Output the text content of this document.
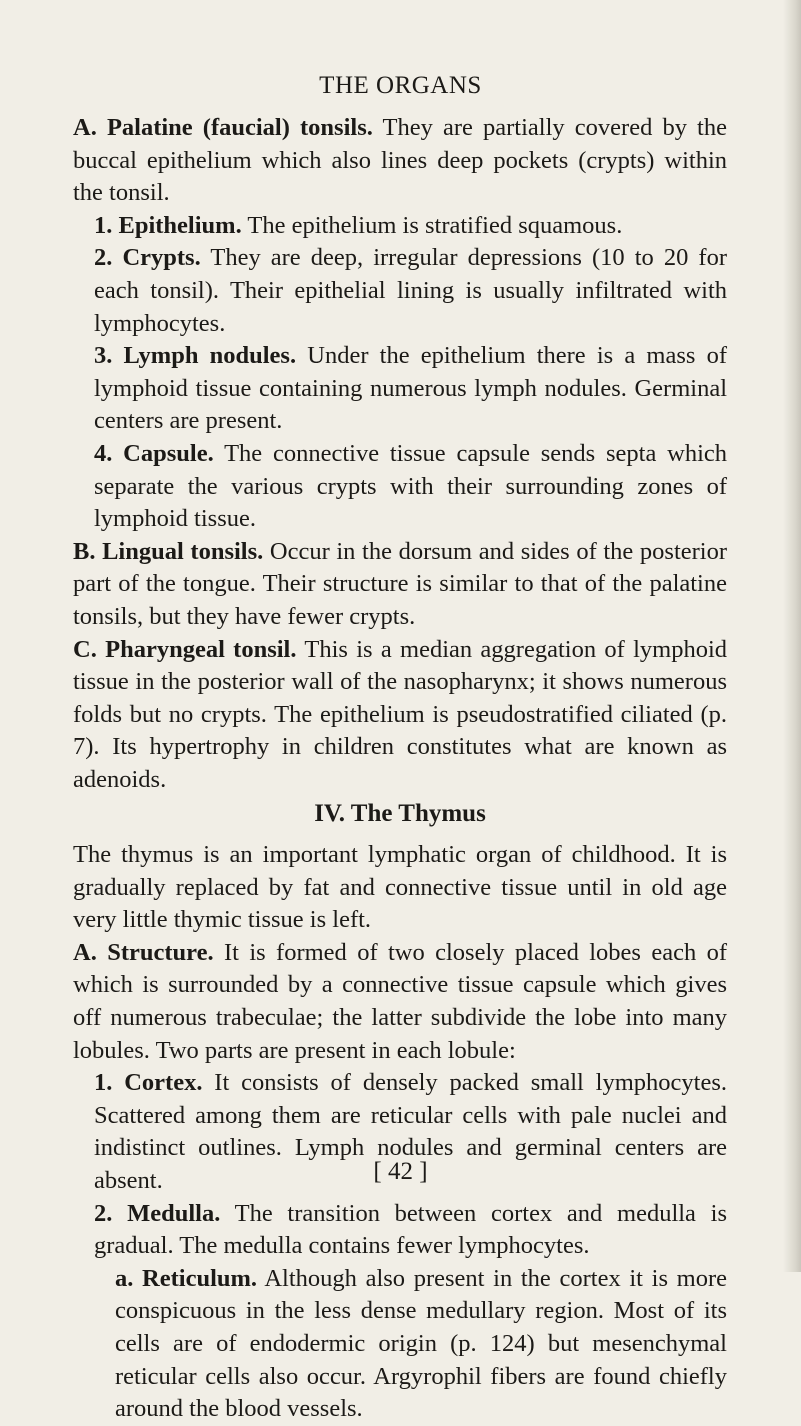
THE ORGANS

A. Palatine (faucial) tonsils. They are partially covered by the buccal epithelium which also lines deep pockets (crypts) within the tonsil.

1. Epithelium. The epithelium is stratified squamous.

2. Crypts. They are deep, irregular depressions (10 to 20 for each tonsil). Their epithelial lining is usually infiltrated with lymphocytes.

3. Lymph nodules. Under the epithelium there is a mass of lymphoid tissue containing numerous lymph nodules. Germinal centers are present.

4. Capsule. The connective tissue capsule sends septa which separate the various crypts with their surrounding zones of lymphoid tissue.

B. Lingual tonsils. Occur in the dorsum and sides of the posterior part of the tongue. Their structure is similar to that of the palatine tonsils, but they have fewer crypts.

C. Pharyngeal tonsil. This is a median aggregation of lymphoid tissue in the posterior wall of the nasopharynx; it shows numerous folds but no crypts. The epithelium is pseudostratified ciliated (p. 7). Its hypertrophy in children constitutes what are known as adenoids.

IV. The Thymus

The thymus is an important lymphatic organ of childhood. It is gradually replaced by fat and connective tissue until in old age very little thymic tissue is left.

A. Structure. It is formed of two closely placed lobes each of which is surrounded by a connective tissue capsule which gives off numerous trabeculae; the latter subdivide the lobe into many lobules. Two parts are present in each lobule:

1. Cortex. It consists of densely packed small lymphocytes. Scattered among them are reticular cells with pale nuclei and indistinct outlines. Lymph nodules and germinal centers are absent.

2. Medulla. The transition between cortex and medulla is gradual. The medulla contains fewer lymphocytes.

a. Reticulum. Although also present in the cortex it is more conspicuous in the less dense medullary region. Most of its cells are of endodermic origin (p. 124) but mesenchymal reticular cells also occur. Argyrophil fibers are found chiefly around the blood vessels.

[ 42 ]
